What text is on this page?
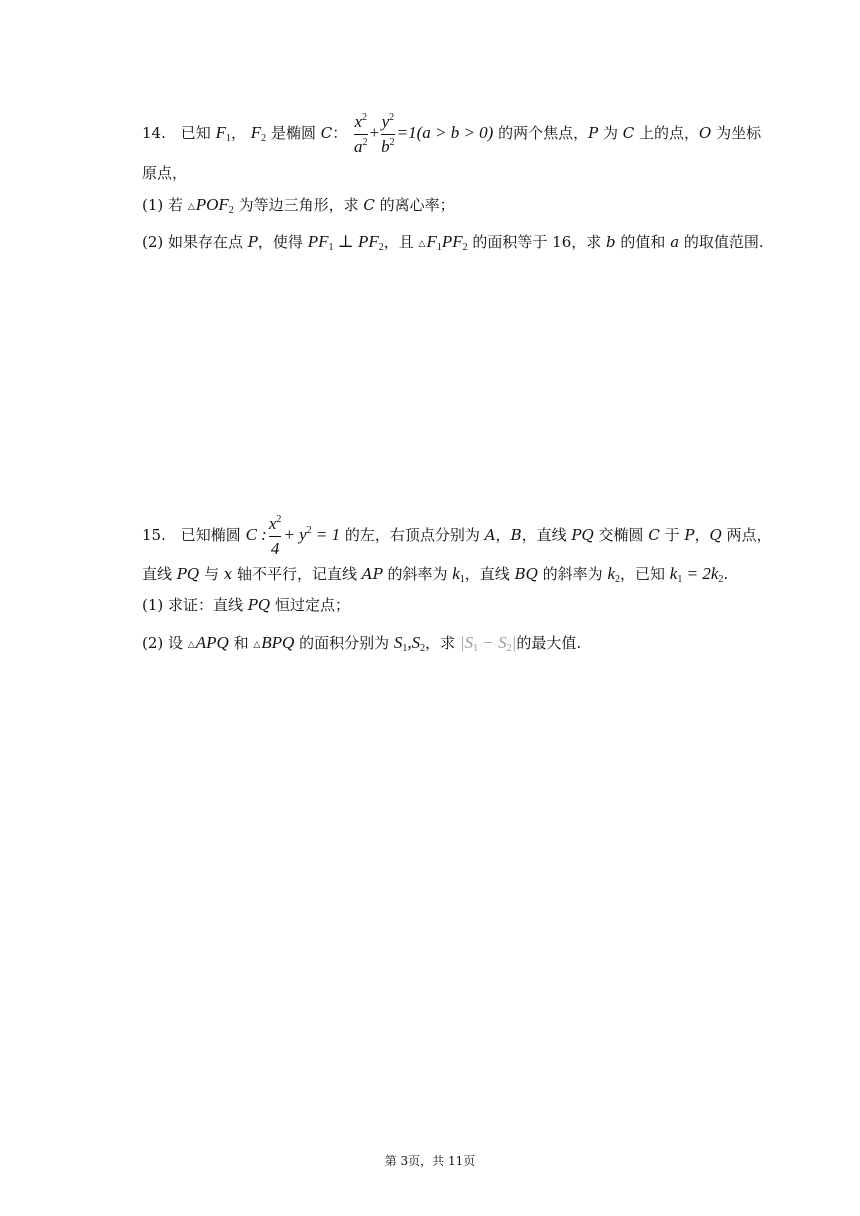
14. 已知 $F_1$， $F_2$ 是椭圆 C： $\frac{x^2}{a^2} + \frac{y^2}{b^2} =1(a > b > 0)$ 的两个焦点，P 为 C 上的点，O 为坐标
原点，
(1) 若 $\triangle POF_2$ 为等边三角形，求 C 的离心率；
(2) 如果存在点 P，使得 $PF_1$ ⊥ $PF_2$，且 $\triangle F_1PF_2$ 的面积等于 16，求 b 的值和 a 的取值范围.
15. 已知椭圆 C : $\frac{x^2}{4} + y^2 = 1$ 的左，右顶点分别为 A，B，直线 PQ 交椭圆 C 于 P，Q 两点，
直线 PQ 与 x 轴不平行，记直线 AP 的斜率为 $k_1$，直线 BQ 的斜率为 $k_2$，已知 $k_1 = 2k_2$.
(1) 求证：直线 PQ 恒过定点；
(2) 设 △APQ 和 △BPQ 的面积分别为 $S_1,S_2$，求 $|S_1 - S_2|$的最大值.
第 3页，共 11页
